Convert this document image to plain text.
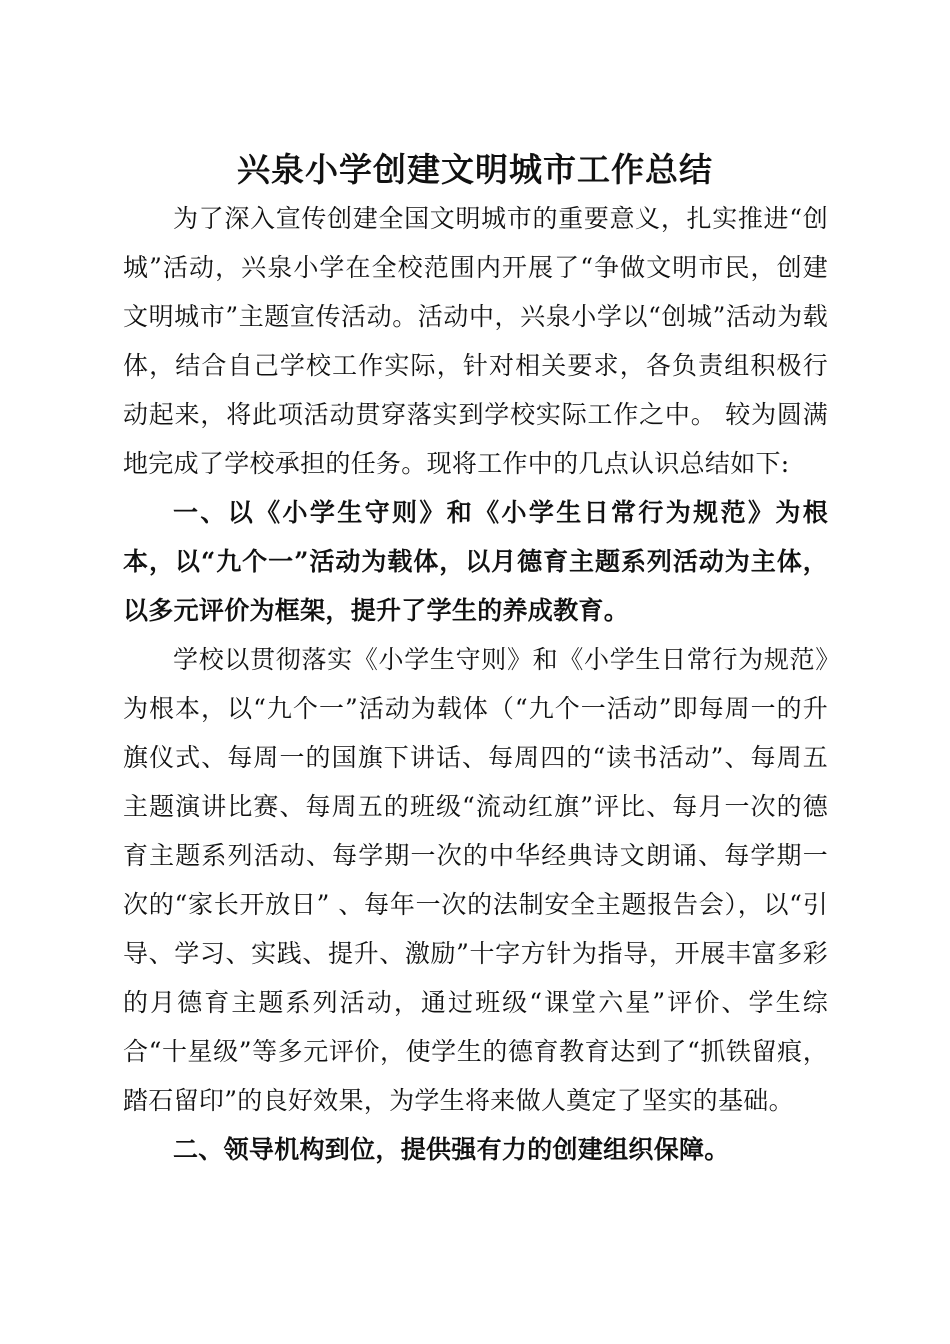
兴泉小学创建文明城市工作总结

为了深入宣传创建全国文明城市的重要意义，扎实推进“创城”活动，兴泉小学在全校范围内开展了“争做文明市民，创建文明城市”主题宣传活动。活动中，兴泉小学以“创城”活动为载体，结合自己学校工作实际，针对相关要求，各负责组积极行动起来，将此项活动贯穿落实到学校实际工作之中。 较为圆满地完成了学校承担的任务。现将工作中的几点认识总结如下:

一、以《小学生守则》和《小学生日常行为规范》为根本，以“九个一”活动为载体，以月德育主题系列活动为主体，以多元评价为框架，提升了学生的养成教育。

学校以贯彻落实《小学生守则》和《小学生日常行为规范》为根本，以“九个一”活动为载体（“九个一活动”即每周一的升旗仪式、每周一的国旗下讲话、每周四的“读书活动”、每周五主题演讲比赛、每周五的班级“流动红旗”评比、每月一次的德育主题系列活动、每学期一次的中华经典诗文朗诵、每学期一次的“家长开放日” 、每年一次的法制安全主题报告会），以“引导、学习、实践、提升、激励”十字方针为指导，开展丰富多彩的月德育主题系列活动，通过班级“课堂六星”评价、学生综合“十星级”等多元评价，使学生的德育教育达到了“抓铁留痕，踏石留印”的良好效果，为学生将来做人奠定了坚实的基础。

二、领导机构到位，提供强有力的创建组织保障。
